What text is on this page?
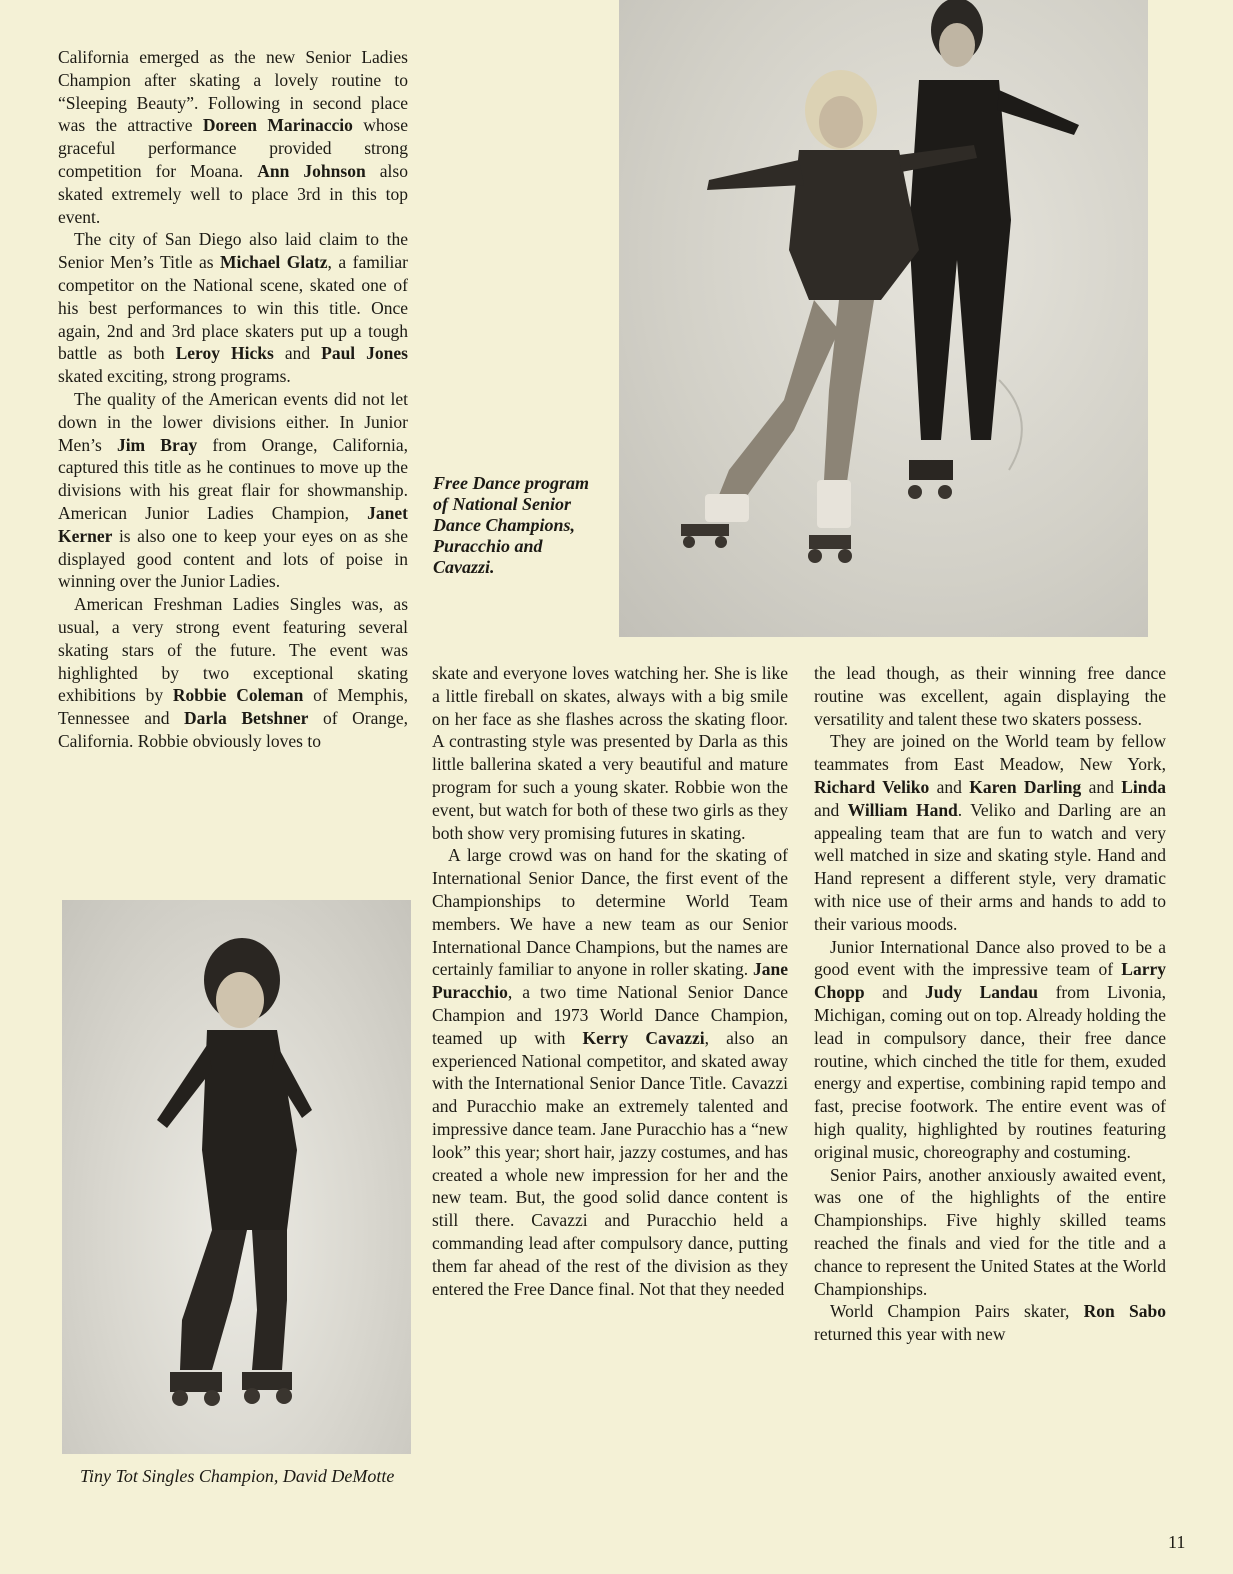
California emerged as the new Senior Ladies Champion after skating a lovely routine to “Sleeping Beauty”. Following in second place was the attractive Doreen Marinaccio whose graceful performance provided strong competition for Moana. Ann Johnson also skated extremely well to place 3rd in this top event.

The city of San Diego also laid claim to the Senior Men’s Title as Michael Glatz, a familiar competitor on the National scene, skated one of his best performances to win this title. Once again, 2nd and 3rd place skaters put up a tough battle as both Leroy Hicks and Paul Jones skated exciting, strong programs.

The quality of the American events did not let down in the lower divisions either. In Junior Men’s Jim Bray from Orange, California, captured this title as he continues to move up the divisions with his great flair for showmanship. American Junior Ladies Champion, Janet Kerner is also one to keep your eyes on as she displayed good content and lots of poise in winning over the Junior Ladies.

American Freshman Ladies Singles was, as usual, a very strong event featuring several skating stars of the future. The event was highlighted by two exceptional skating exhibitions by Robbie Coleman of Memphis, Tennessee and Darla Betshner of Orange, California. Robbie obviously loves to

Free Dance program of National Senior Dance Champions, Puracchio and Cavazzi.

skate and everyone loves watching her. She is like a little fireball on skates, always with a big smile on her face as she flashes across the skating floor. A contrasting style was presented by Darla as this little ballerina skated a very beautiful and mature program for such a young skater. Robbie won the event, but watch for both of these two girls as they both show very promising futures in skating.

A large crowd was on hand for the skating of International Senior Dance, the first event of the Championships to determine World Team members. We have a new team as our Senior International Dance Champions, but the names are certainly familiar to anyone in roller skating. Jane Puracchio, a two time National Senior Dance Champion and 1973 World Dance Champion, teamed up with Kerry Cavazzi, also an experienced National competitor, and skated away with the International Senior Dance Title. Cavazzi and Puracchio make an extremely talented and impressive dance team. Jane Puracchio has a “new look” this year; short hair, jazzy costumes, and has created a whole new impression for her and the new team. But, the good solid dance content is still there. Cavazzi and Puracchio held a commanding lead after compulsory dance, putting them far ahead of the rest of the division as they entered the Free Dance final. Not that they needed

the lead though, as their winning free dance routine was excellent, again displaying the versatility and talent these two skaters possess.

They are joined on the World team by fellow teammates from East Meadow, New York, Richard Veliko and Karen Darling and Linda and William Hand. Veliko and Darling are an appealing team that are fun to watch and very well matched in size and skating style. Hand and Hand represent a different style, very dramatic with nice use of their arms and hands to add to their various moods.

Junior International Dance also proved to be a good event with the impressive team of Larry Chopp and Judy Landau from Livonia, Michigan, coming out on top. Already holding the lead in compulsory dance, their free dance routine, which cinched the title for them, exuded energy and expertise, combining rapid tempo and fast, precise footwork. The entire event was of high quality, highlighted by routines featuring original music, choreography and costuming.

Senior Pairs, another anxiously awaited event, was one of the highlights of the entire Championships. Five highly skilled teams reached the finals and vied for the title and a chance to represent the United States at the World Championships.

World Champion Pairs skater, Ron Sabo returned this year with new

Tiny Tot Singles Champion, David DeMotte
11
